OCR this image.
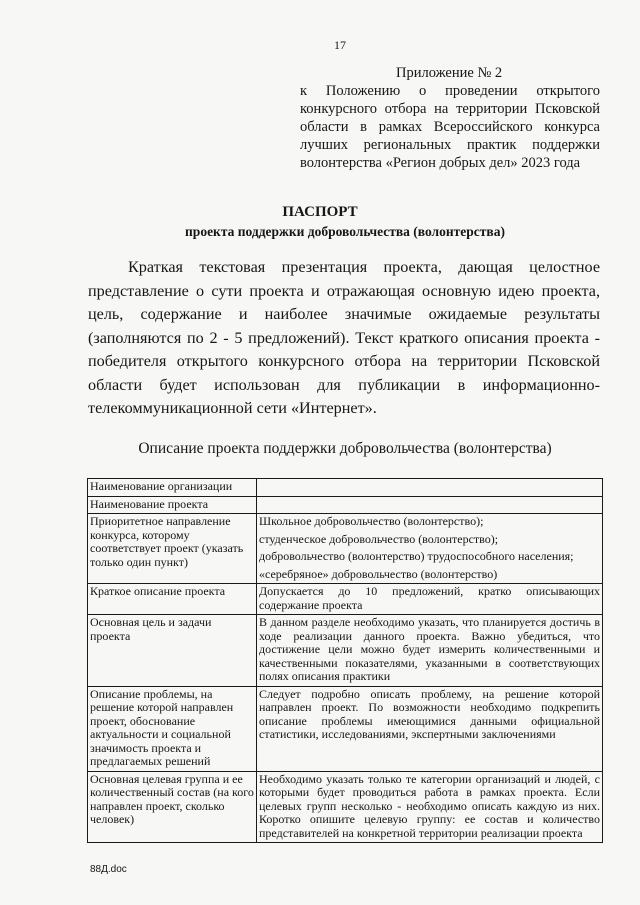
17
Приложение № 2
к Положению о проведении открытого конкурсного отбора на территории Псковской области в рамках Всероссийского конкурса лучших региональных практик поддержки волонтерства «Регион добрых дел» 2023 года
ПАСПОРТ
проекта поддержки добровольчества (волонтерства)

Краткая текстовая презентация проекта, дающая целостное представление о сути проекта и отражающая основную идею проекта, цель, содержание и наиболее значимые ожидаемые результаты (заполняются по 2 - 5 предложений). Текст краткого описания проекта - победителя открытого конкурсного отбора на территории Псковской области будет использован для публикации в информационно-телекоммуникационной сети «Интернет».

Описание проекта поддержки добровольчества (волонтерства)
Наименование организации	
Наименование проекта	
Приоритетное направление конкурса, которому соответствует проект (указать только один пункт)	Школьное добровольчество (волонтерство);
студенческое добровольчество (волонтерство);
добровольчество (волонтерство) трудоспособного населения;
«серебряное» добровольчество (волонтерство)

Краткое описание проекта	Допускается до 10 предложений, кратко описывающих содержание проекта
Основная цель и задачи проекта	В данном разделе необходимо указать, что планируется достичь в ходе реализации данного проекта. Важно убедиться, что достижение цели можно будет измерить количественными и качественными показателями, указанными в соответствующих полях описания практики
Описание проблемы, на решение которой направлен проект, обоснование актуальности и социальной значимость проекта и предлагаемых решений	Следует подробно описать проблему, на решение которой направлен проект. По возможности необходимо подкрепить описание проблемы имеющимися данными официальной статистики, исследованиями, экспертными заключениями
Основная целевая группа и ее количественный состав (на кого направлен проект, сколько человек)	Необходимо указать только те категории организаций и людей, с которыми будет проводиться работа в рамках проекта. Если целевых групп несколько - необходимо описать каждую из них. Коротко опишите целевую группу: ее состав и количество представителей на конкретной территории реализации проекта
88Д.doc
